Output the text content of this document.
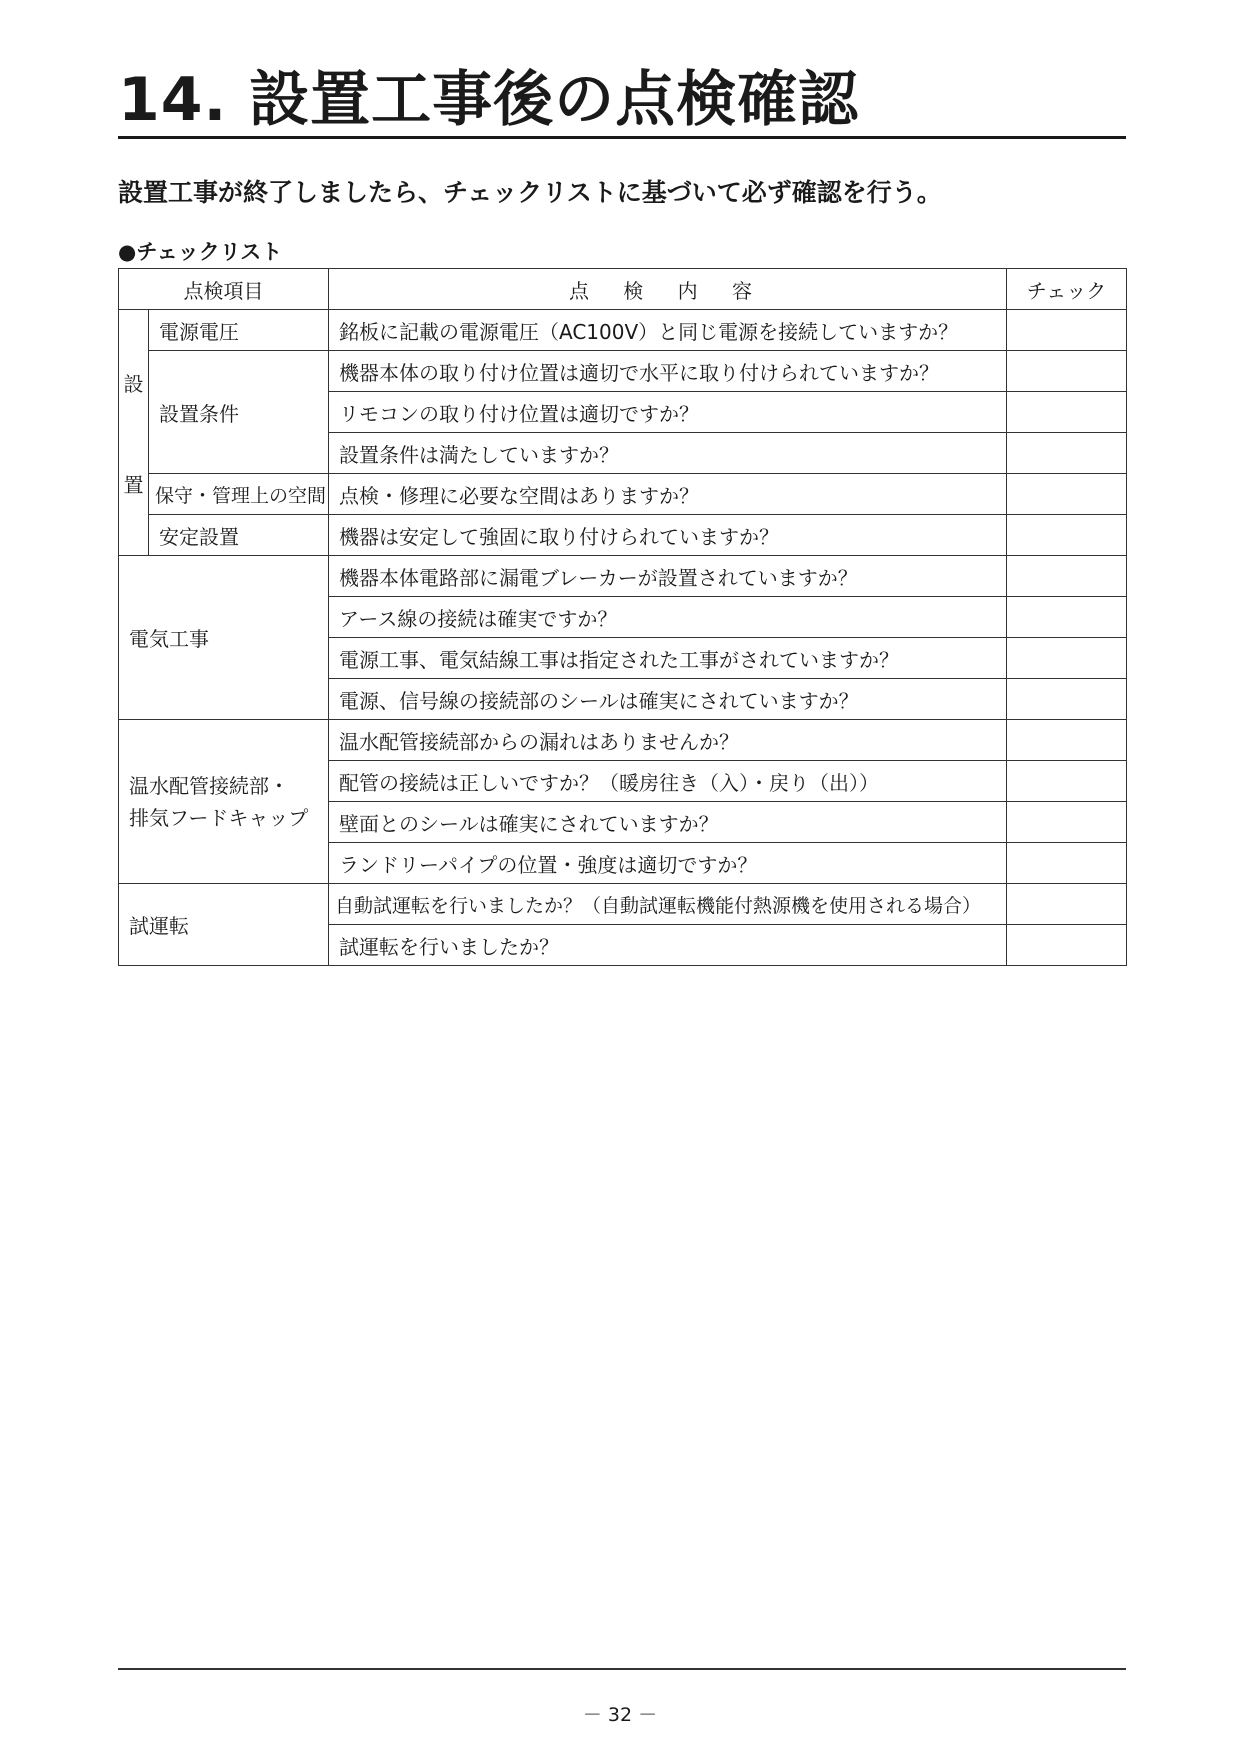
14. 設置工事後の点検確認
設置工事が終了しましたら、チェックリストに基づいて必ず確認を行う。
●チェックリスト
点検項目		点 検 内 容	チェック

設
置	電源電圧	銘板に記載の電源電圧（AC100V）と同じ電源を接続していますか？	
	設置条件	機器本体の取り付け位置は適切で水平に取り付けられていますか？	
		リモコンの取り付け位置は適切ですか？	
		設置条件は満たしていますか？	
	保守・管理上の空間	点検・修理に必要な空間はありますか？	
	安定設置	機器は安定して強固に取り付けられていますか？	
電気工事		機器本体電路部に漏電ブレーカーが設置されていますか？	
		アース線の接続は確実ですか？	
		電源工事、電気結線工事は指定された工事がされていますか？	
		電源、信号線の接続部のシールは確実にされていますか？	

温水配管接続部・
排気フードキャップ		温水配管接続部からの漏れはありませんか？	
		配管の接続は正しいですか？（暖房往き（入）・戻り（出））	
		壁面とのシールは確実にされていますか？	
		ランドリーパイプの位置・強度は適切ですか？	
試運転		自動試運転を行いましたか？（自動試運転機能付熱源機を使用される場合）	
		試運転を行いましたか？	
－ 32 －
